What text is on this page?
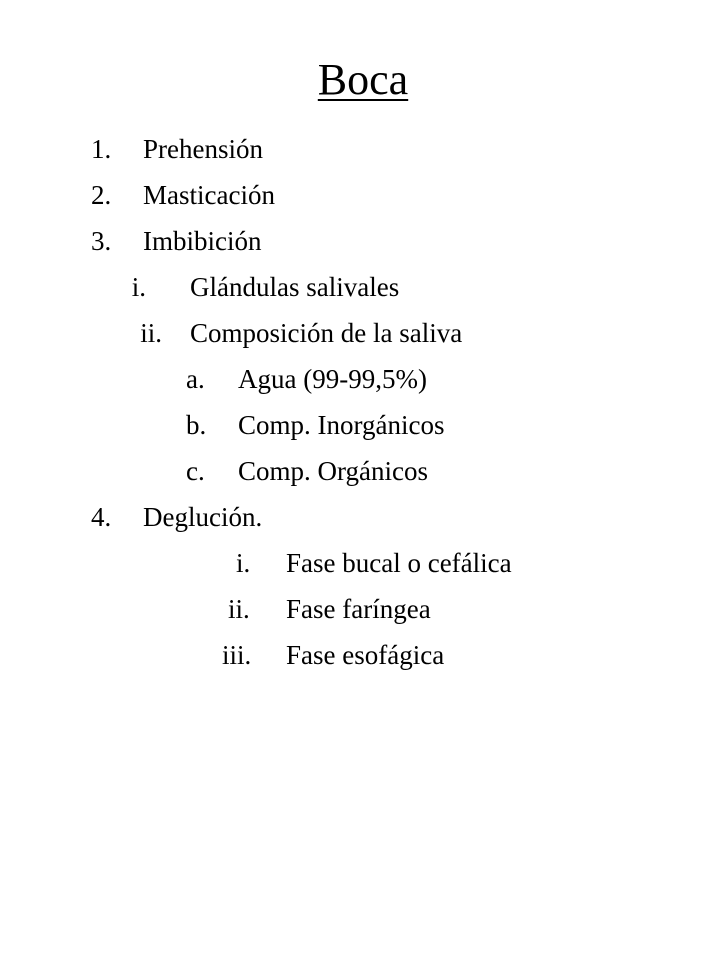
Boca
1. Prehensión
2. Masticación
3. Imbibición
i. Glándulas salivales
ii. Composición de la saliva
a. Agua (99-99,5%)
b. Comp. Inorgánicos
c. Comp. Orgánicos
4. Deglución.
i. Fase bucal o cefálica
ii. Fase faríngea
iii. Fase esofágica
